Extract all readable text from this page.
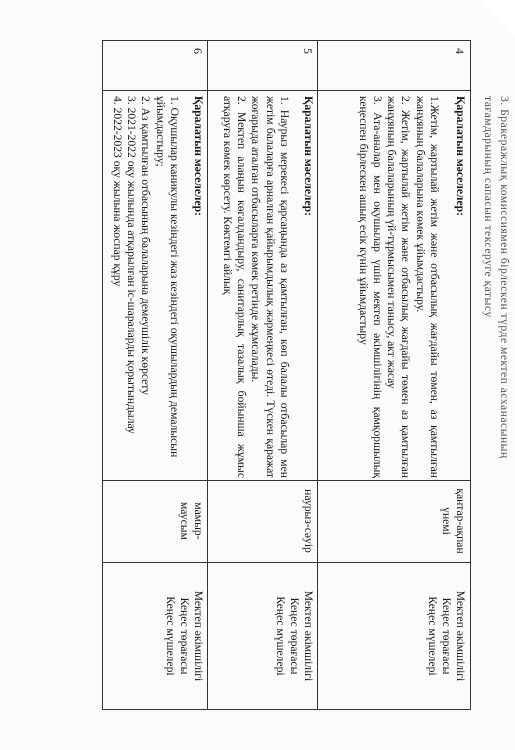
3. Бракеражлық комиссиямен бірлескен түрде мектеп асханасының
тағамдарының сапасын тексеруге қатысу
4
Қаралатын мәселелер:
1.Жетім, жартылай жетім және отбасылық жағдайы төмен, аз қамтылған жанұяның балаларына көмек ұйымдастыру.
2. Жетім, жартылай жетім және отбасылық жағдайы төмен аз қамтылған жанұяның балаларының үй-тұрмысымен танысу, акт жасау
3. Ата-аналар мен оқушылар үшін мектеп әкімшілігінің қамқоршылық кеңеспен бірлескен ашық есік күнін ұйымдастыру
қантар-ақпан үнемі
Мектеп әкімшілігі
Кеңес төрағасы
Кеңес мүшелері
5
Қаралатын мәселелер:
1. Наурыз мерекесі қарсаңында аз қамтылған, көп балалы отбасылар мен жетім балаларға арналған қайырымдылық жәрмеңкесі өтеді. Түскен қаражат жоғарыда аталған отбасыларға көмек ретінде жұмсалады.
2. Мектеп алаңын көгалдандыру, санитарлық тазалық бойынша жұмыс атқаруға көмек көрсету. Көктемгі айлық
наурыз-сәуір
Мектеп әкімшілігі
Кеңес төрағасы
Кеңес мүшелері
6
Қаралатын мәселелер:
1. Оқушылар каникулы кезіндегі жаз кезіндегі оқушылардың демалысын ұйымдастыру;
2. Аз қамтылған отбасының балаларына демеушілік көрсету
3. 2021-2022 оқу жылында атқарылған іс-шараларды қорытындылау
4. 2022-2023 оқу жылына жоспар құру
мамыр-маусым
Мектеп әкімшілігі
Кеңес төрағасы
Кеңес мүшелері
